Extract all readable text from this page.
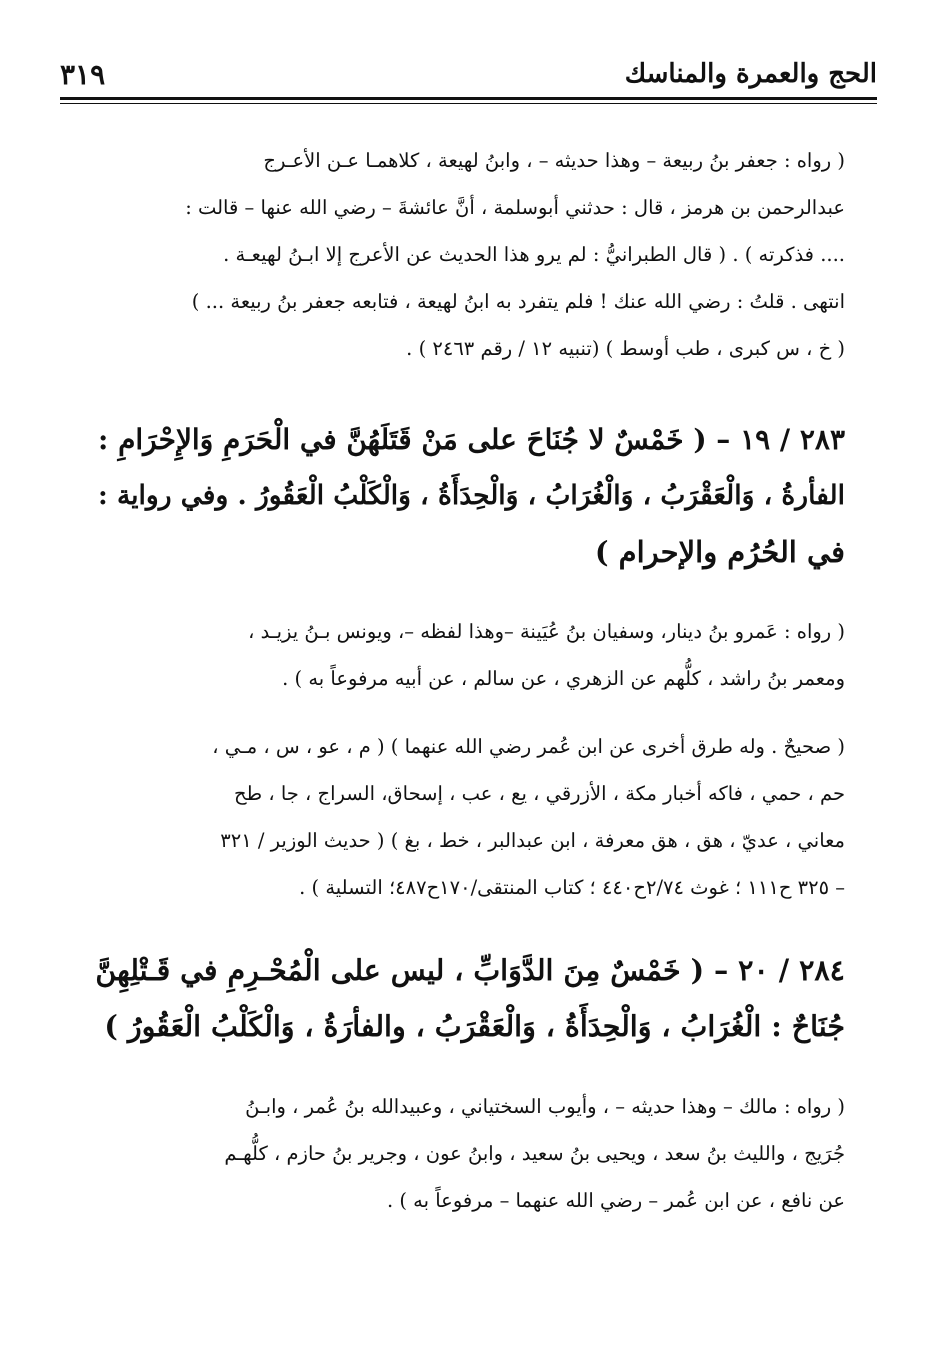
الحج والعمرة والمناسك
٣١٩
( رواه : جعفر بنُ ربيعة – وهذا حديثه – ، وابنُ لهيعة ، كلاهمـا عـن الأعـرج
عبدالرحمن بن هرمز ، قال : حدثني أبوسلمة ، أنَّ عائشةَ – رضي الله عنها – قالت :
.... فذكرته ) . ( قال الطبرانيُّ : لم يرو هذا الحديث عن الأعرج إلا ابـنُ لهيعـة .
انتهى . قلتُ : رضي الله عنك ! فلم يتفرد به ابنُ لهيعة ، فتابعه جعفر بنُ ربيعة ... )
( خ ، س كبرى ، طب أوسط ) (تنبيه ١٢ / رقم ٢٤٦٣ ) .
٢٨٣ / ١٩ – ( خَمْسٌ لا جُنَاحَ على مَنْ قَتَلَهُنَّ في الْحَرَمِ وَالإِحْرَامِ :
الفأرةُ ، وَالْعَقْرَبُ ، وَالْغُرَابُ ، وَالْحِدَأَةُ ، وَالْكَلْبُ الْعَقُورُ . وفي رواية :
في الحُرُم والإحرام )
( رواه : عَمرو بنُ دينار، وسفيان بنُ عُيَينة –وهذا لفظه –، ويونس بـنُ يزيـد ،
ومعمر بنُ راشد ، كلُّهم عن الزهري ، عن سالم ، عن أبيه مرفوعاً به ) .
( صحيحٌ . وله طرق أخرى عن ابن عُمر رضي الله عنهما ) ( م ، عو ، س ، مـي ،
حم ، حمي ، فاكه أخبار مكة ، الأزرقي ، يع ، عب ، إسحاق، السراج ، جا ، طح
معاني ، عديّ ، هق ، هق معرفة ، ابن عبدالبر ، خط ، بغ ) ( حديث الوزير / ٣٢١
– ٣٢٥ ح١١١ ؛ غوث ٢/٧٤ح٤٤٠ ؛ كتاب المنتقى/١٧٠ح٤٨٧؛ التسلية ) .
٢٨٤ / ٢٠ – ( خَمْسٌ مِنَ الدَّوَابِّ ، ليس على الْمُحْـرِمِ في قَـتْلِهِنَّ
جُنَاحٌ : الْغُرَابُ ، وَالْحِدَأَةُ ، وَالْعَقْرَبُ ، والفأرَةُ ، وَالْكَلْبُ الْعَقُورُ )
( رواه : مالك – وهذا حديثه – ، وأيوب السختياني ، وعبيدالله بنُ عُمر ، وابـنُ
جُرَيج ، والليث بنُ سعد ، ويحيى بنُ سعيد ، وابنُ عون ، وجرير بنُ حازم ، كلُّهـم
عن نافع ، عن ابن عُمر – رضي الله عنهما – مرفوعاً به ) .
